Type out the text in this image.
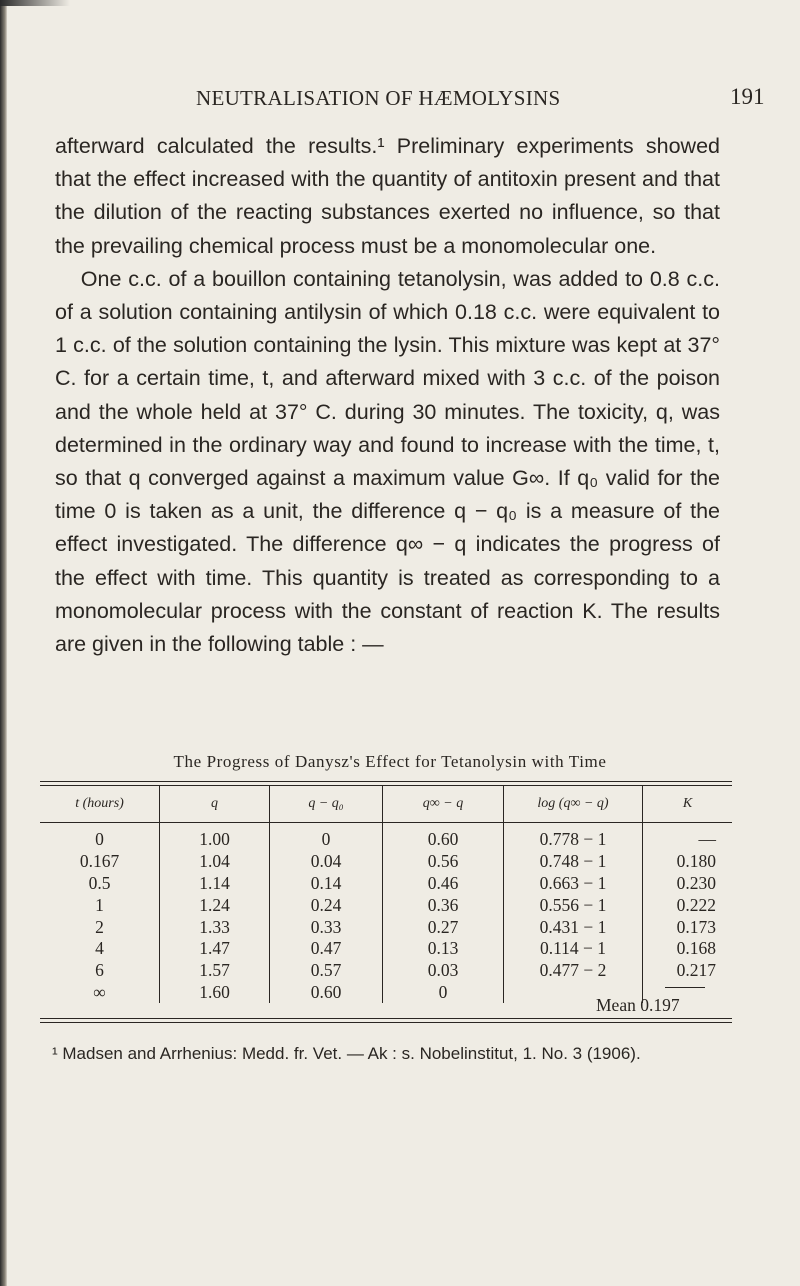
NEUTRALISATION OF HÆMOLYSINS	191

afterward calculated the results.¹ Preliminary experiments showed that the effect increased with the quantity of antitoxin present and that the dilution of the reacting substances exerted no influence, so that the prevailing chemical process must be a monomolecular one.

One c.c. of a bouillon containing tetanolysin, was added to 0.8 c.c. of a solution containing antilysin of which 0.18 c.c. were equivalent to 1 c.c. of the solution containing the lysin. This mixture was kept at 37° C. for a certain time, t, and afterward mixed with 3 c.c. of the poison and the whole held at 37° C. during 30 minutes. The toxicity, q, was determined in the ordinary way and found to increase with the time, t, so that q converged against a maximum value G∞. If q₀ valid for the time 0 is taken as a unit, the difference q − q₀ is a measure of the effect investigated. The difference q∞ − q indicates the progress of the effect with time. This quantity is treated as corresponding to a monomolecular process with the constant of reaction K. The results are given in the following table : —

The Progress of Danysz's Effect for Tetanolysin with Time
t (hours)	q	q − q₀	q∞ − q	log (q∞ − q)	K
0	1.00	0	0.60	0.778 − 1	—
0.167	1.04	0.04	0.56	0.748 − 1	0.180
0.5	1.14	0.14	0.46	0.663 − 1	0.230
1	1.24	0.24	0.36	0.556 − 1	0.222
2	1.33	0.33	0.27	0.431 − 1	0.173
4	1.47	0.47	0.13	0.114 − 1	0.168
6	1.57	0.57	0.03	0.477 − 2	0.217
∞	1.60	0.60	0		
Mean 0.197
¹ Madsen and Arrhenius: Medd. fr. Vet. — Ak : s. Nobelinstitut, 1. No. 3 (1906).
